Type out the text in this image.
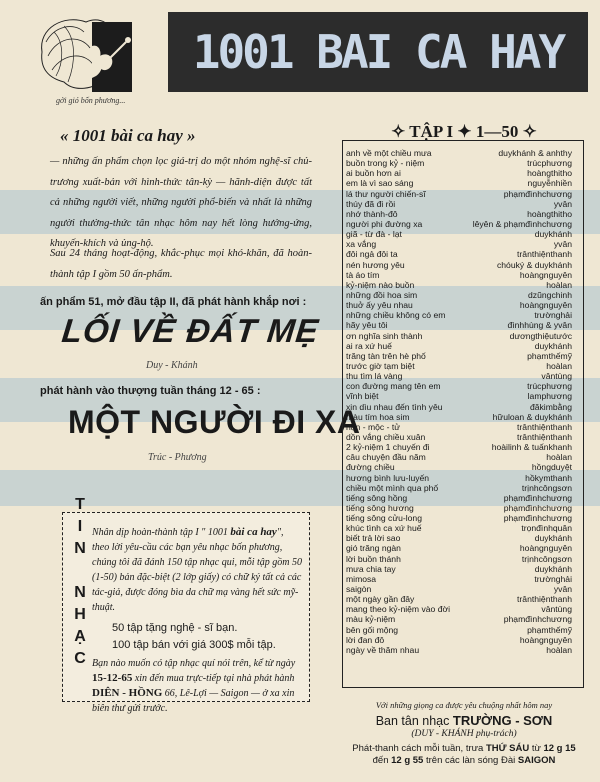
gởi gió bốn phương...
1001 BAI CA HAY
« 1001 bài ca hay »
— những ấn phẩm chọn lọc giá-trị do một nhóm nghệ-sĩ chủ-trương xuất-bản với hình-thức tân-kỳ — hãnh-diện được tất cả những người viết, những người phổ-biến và nhất là những người thường-thức tân nhạc hôm nay hết lòng hưởng-ứng, khuyến-khích và ủng-hộ.
Sau 24 tháng hoạt-động, khắc-phục mọi khó-khăn, đã hoàn-thành tập I gồm 50 ấn-phẩm.
ấn phẩm 51, mở đầu tập II, đã phát hành khắp nơi :
LỐI VỀ ĐẤT MẸ
Duy - Khánh
phát hành vào thượng tuần tháng 12 - 65 :
MỘT NGƯỜI ĐI XA
Trúc - Phương
T
I
N
N
H
Ạ
C
Nhân dịp hoàn-thành tập I " 1001 bài ca hay", theo lời yêu-cầu các bạn yêu nhạc bốn phương, chúng tôi đã đánh 150 tập nhạc qui, mỗi tập gồm 50 (1-50) bản đặc-biệt (2 lớp giấy) có chữ ký tất cả các tác-giả, được đóng bìa da chữ mạ vàng hết sức mỹ-thuật.
50 tập tặng nghệ - sĩ bạn.
100 tập bán với giá 300$ mỗi tập.
Bạn nào muốn có tập nhạc quí nói trên, kể từ ngày 15-12-65 xin đến mua trực-tiếp tại nhà phát hành DIÊN - HỒNG 66, Lê-Lợi — Saigon — ở xa xin biên thư gửi trước.
✧ TẬP I ✦ 1—50 ✧
anh về một chiều mưa	duykhánh & anhthy
buồn trong kỷ - niệm	trúcphương
ai buồn hơn ai	hoàngthitho
em là vì sao sáng	nguyễnhiền
lá thư người chiến-sĩ	phạmđìnhchương
thúy đã đi rồi	yvân
nhớ thành-đô	hoàngthitho
người phi đường xa	lêyên & phạmđìnhchương
giã - từ đà - lạt	duykhánh
xa vắng	yvân
đôi ngả đôi ta	trânthiệnthanh
nén hương yêu	chóuký & duykhánh
tà áo tím	hoàngnguyên
kỷ-niệm nào buồn	hoàlan
những đồi hoa sim	dzũngchinh
thuở ấy yêu nhau	hoàngnguyên
những chiều không có em	trườnghải
hãy yêu tôi	đìnhhùng & yvân
ơn nghĩa sinh thành	dươngthiệutước
ai ra xứ huế	duykhánh
trăng tàn trên hè phố	phạmthếmỹ
trước giờ tạm biệt	hoàlan
thu tìm lá vàng	vântùng
con đường mang tên em	trúcphương
vĩnh biệt	lamphương
xin dìu nhau đến tình yêu	đăkimbằng
màu tím hoa sim	hữuloan & duykhánh
hận - mộc - tử	trânthiệnthanh
dồn vắng chiều xuân	trânthiệnthanh
2 kỷ-niệm 1 chuyến đi	hoàilinh & tuấnkhanh
câu chuyện đầu năm	hoàlan
đường chiều	hồngduyệt
hương bình lưu-luyến	hồkymthanh
chiều một mình qua phố	trịnhcôngsơn
tiếng sông hồng	phạmđìnhchương
tiếng sông hương	phạmđìnhchương
tiếng sông cửu-long	phạmđìnhchương
khúc tình ca xứ huế	trọnđìnhquân
biết trả lời sao	duykhánh
gió trăng ngàn	hoàngnguyên
lời buồn thánh	trịnhcôngsơn
mưa chia tay	duykhánh
mimosa	trườnghải
saigòn	yvân
một ngày gần đây	trânthiệnthanh
mang theo kỷ-niệm vào đời	vântùng
màu kỷ-niệm	phạmđìnhchương
bên gối mộng	phạmthếmỹ
lời đan đô	hoàngnguyên
ngày về thăm nhau	hoàlan
Với những giọng ca được yêu chuộng nhất hôm nay
Ban tân nhạc TRƯỜNG - SƠN
(DUY - KHÁNH phụ-trách)
Phát-thanh cách mỗi tuần, trưa THỨ SÁU từ 12 g 15
đến 12 g 55 trên các làn sóng Đài SAIGON
